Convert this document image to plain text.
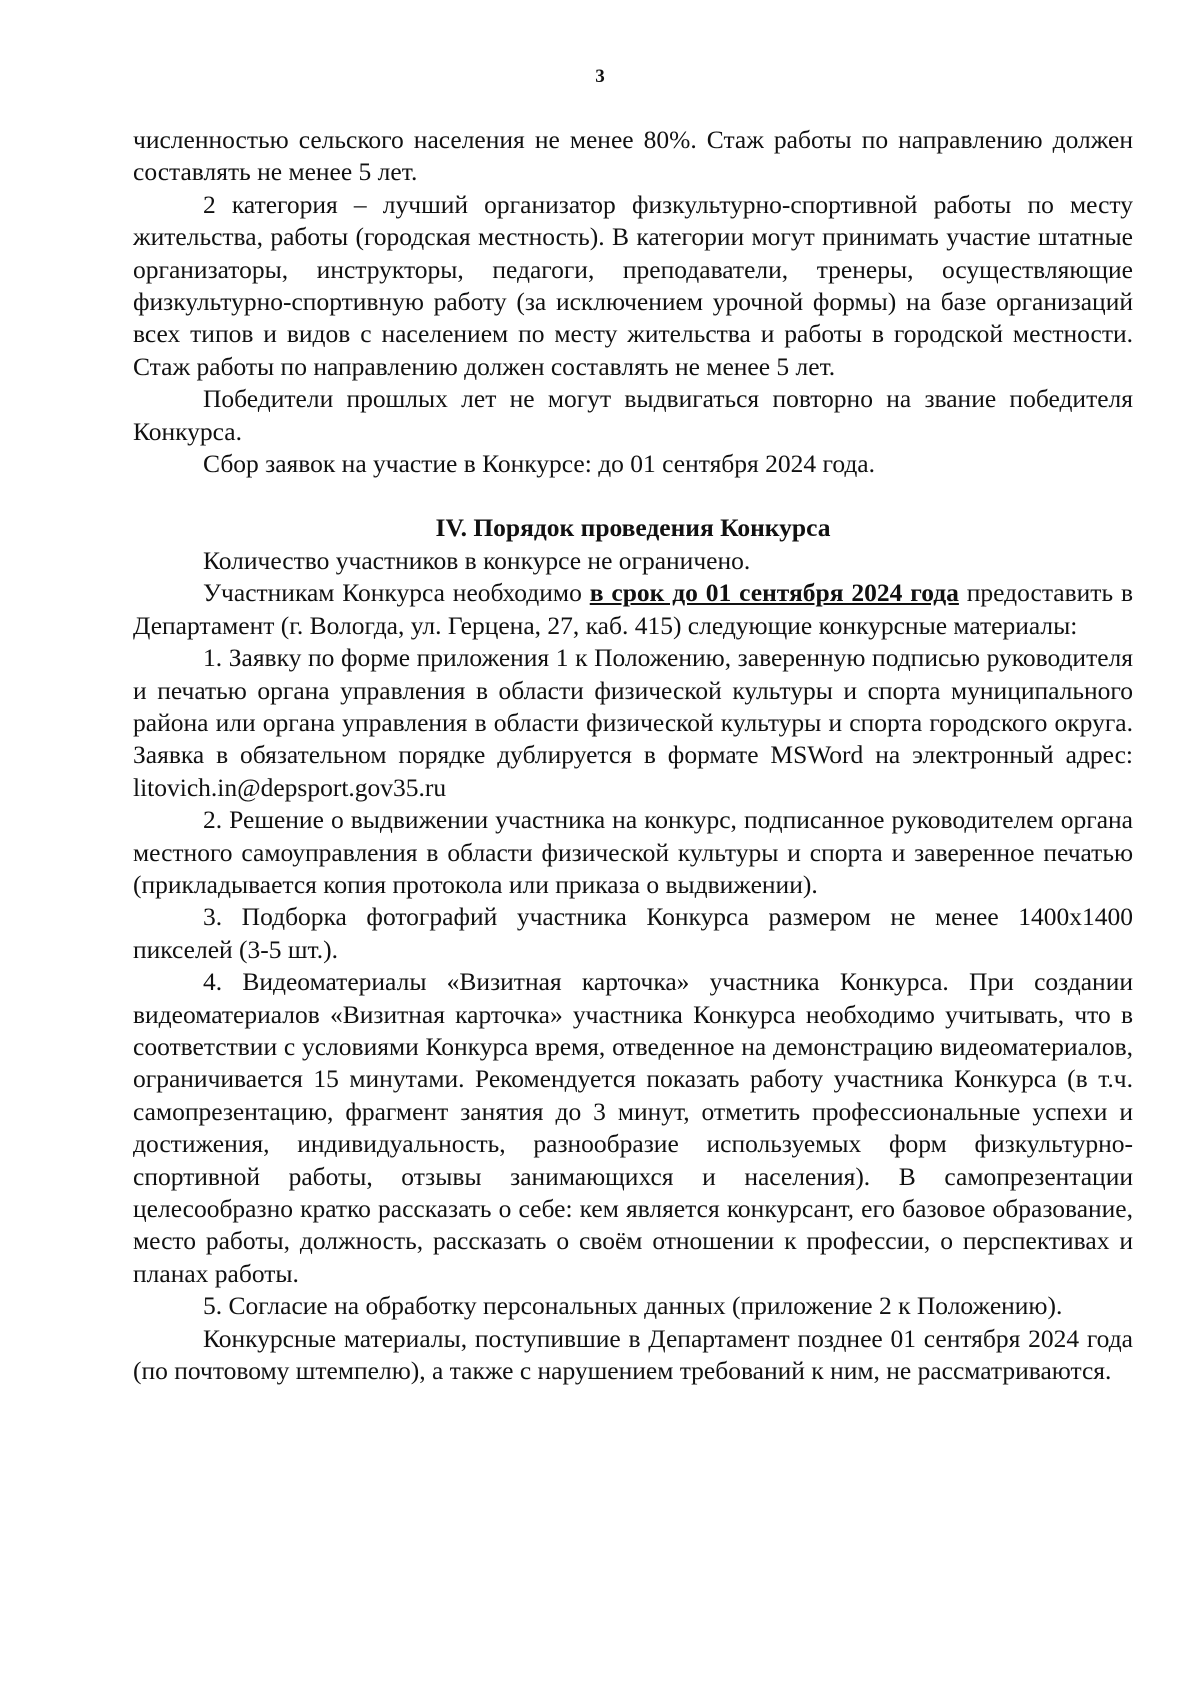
3

численностью сельского населения не менее 80%. Стаж работы по направлению должен составлять не менее 5 лет.

2 категория – лучший организатор физкультурно-спортивной работы по месту жительства, работы (городская местность). В категории могут принимать участие штатные организаторы, инструкторы, педагоги, преподаватели, тренеры, осуществляющие физкультурно-спортивную работу (за исключением урочной формы) на базе организаций всех типов и видов с населением по месту жительства и работы в городской местности. Стаж работы по направлению должен составлять не менее 5 лет.

Победители прошлых лет не могут выдвигаться повторно на звание победителя Конкурса.

Сбор заявок на участие в Конкурсе: до 01 сентября 2024 года.

IV. Порядок проведения Конкурса

Количество участников в конкурсе не ограничено.

Участникам Конкурса необходимо в срок до 01 сентября 2024 года предоставить в Департамент (г. Вологда, ул. Герцена, 27, каб. 415) следующие конкурсные материалы:

1. Заявку по форме приложения 1 к Положению, заверенную подписью руководителя и печатью органа управления в области физической культуры и спорта муниципального района или органа управления в области физической культуры и спорта городского округа. Заявка в обязательном порядке дублируется в формате MSWord на электронный адрес: litovich.in@depsport.gov35.ru

2. Решение о выдвижении участника на конкурс, подписанное руководителем органа местного самоуправления в области физической культуры и спорта и заверенное печатью (прикладывается копия протокола или приказа о выдвижении).

3. Подборка фотографий участника Конкурса размером не менее 1400x1400 пикселей (3-5 шт.).

4. Видеоматериалы «Визитная карточка» участника Конкурса. При создании видеоматериалов «Визитная карточка» участника Конкурса необходимо учитывать, что в соответствии с условиями Конкурса время, отведенное на демонстрацию видеоматериалов, ограничивается 15 минутами. Рекомендуется показать работу участника Конкурса (в т.ч. самопрезентацию, фрагмент занятия до 3 минут, отметить профессиональные успехи и достижения, индивидуальность, разнообразие используемых форм физкультурно-спортивной работы, отзывы занимающихся и населения). В самопрезентации целесообразно кратко рассказать о себе: кем является конкурсант, его базовое образование, место работы, должность, рассказать о своём отношении к профессии, о перспективах и планах работы.

5. Согласие на обработку персональных данных (приложение 2 к Положению).

Конкурсные материалы, поступившие в Департамент позднее 01 сентября 2024 года (по почтовому штемпелю), а также с нарушением требований к ним, не рассматриваются.
